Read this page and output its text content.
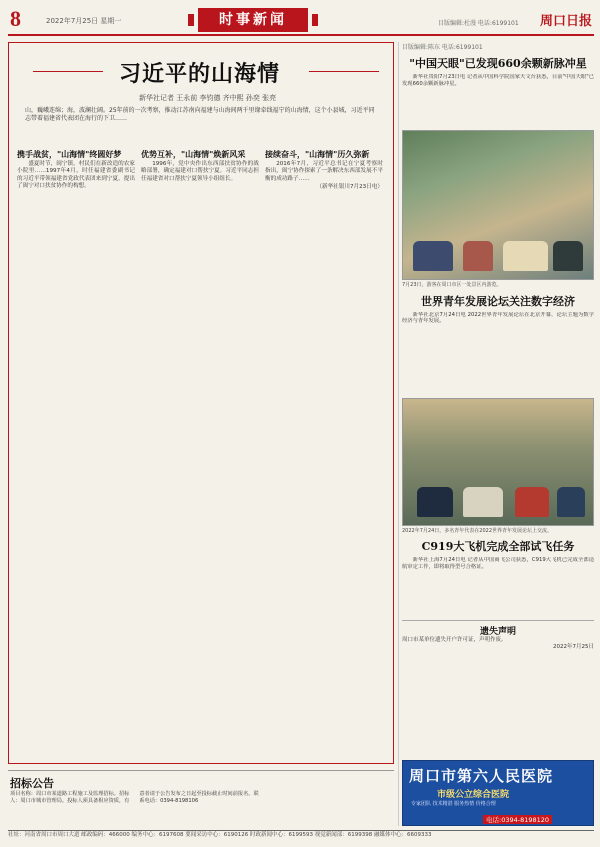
8	2022年7月25日 星期一	时事新闻	目版编辑:杜漫 电话:6199101 周口日报
习近平的山海情
新华社记者 王永前 李钧德 齐中熙 孙奕 张亮
山，巍峨连绵；海，波澜壮阔。25年前的一次考察，推动江苏南向福建与山海间两千里缘牵线福宁的山海情，这个小县城，习近平同志带着福建省代表团在海行的下卫……
携手战贫，"山海情"终圆好梦

盛夏时节，闽宁镇，村民们在新改造的农家小院里……1997年4月，时任福建省委副书记的习近平带领福建省党政代表团来到宁夏，提出了闽宁对口扶贫协作的构想。

优势互补，"山海情"焕新风采

1996年，党中央作出东西部扶贫协作的战略部署，确定福建对口帮扶宁夏。习近平同志担任福建省对口帮扶宁夏领导小组组长。

接续奋斗，"山海情"历久弥新

2016年7月，习近平总书记在宁夏考察时指出，闽宁协作探索了一条解决东西部发展不平衡的成功路子……

（新华社银川7月23日电）

目版编辑:陈东 电话:6199101
"中国天眼"已发现660余颗新脉冲星

新华社贵阳7月23日电 记者从中国科学院国家天文台获悉，目前"中国天眼"已发现660余颗新脉冲星。

7月23日，游客在周口市区一处景区内游览。
世界青年发展论坛关注数字经济

新华社北京7月24日电 2022世界青年发展论坛在北京开幕，论坛主题为数字经济与青年发展。

2022年7月24日，多名青年代表在2022世界青年发展论坛上交流。
C919大飞机完成全部试飞任务

新华社上海7月24日电 记者从中国商飞公司获悉，C919大飞机已完成全部适航审定工作，即将取得型号合格证。

遗失声明
周口市某单位遗失开户许可证，声明作废。
2022年7月25日
招标公告
项目名称：周口市某道路工程施工及监理招标。招标人：周口市城市管理局。投标人须具备相应资质，有意者请于公告发布之日起至投标截止时间前报名。联系电话：0394-8198106
周口市第六人民医院
市级公立综合医院
专家团队 技术精湛 服务热情 价格合理
电话:0394-8198120
社址：河南省周口市周口大道 邮政编码：466000 编务中心：6197608 要闻采访中心：6190126 时政新闻中心：6199593 视觉新闻部：6199398 融媒体中心：6609333
